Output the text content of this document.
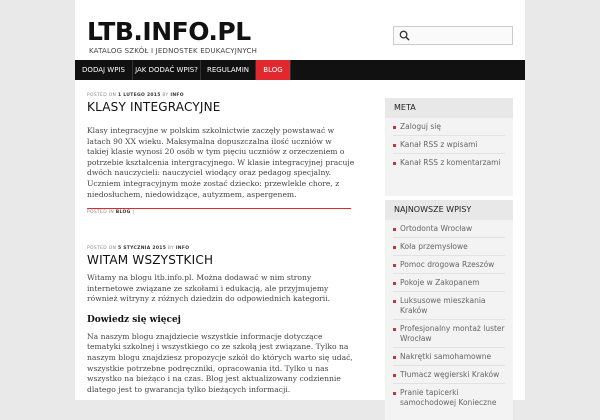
LTB.INFO.PL
KATALOG SZKÓŁ I JEDNOSTEK EDUKACYJNYCH
DODAJ WPIS	JAK DODAĆ WPIS?	REGULAMIN	BLOG
POSTED ON 1 LUTEGO 2015 BY INFO
KLASY INTEGRACYJNE
Klasy integracyjne w polskim szkolnictwie zaczęły powstawać w latach 90 XX wieku. Maksymalna dopuszczalna ilość uczniów w takiej klasie wynosi 20 osób w tym pięciu uczniów z orzeczeniem o potrzebie kształcenia intergracyjnego. W klasie integracyjnej pracuje dwóch nauczycieli: nauczyciel wiodący oraz pedagog specjalny. Uczniem integracyjnym może zostać dziecko: przewlekle chore, z niedosłuchem, niedowidzące, autyzmem, aspergenem.
POSTED IN BLOG |
POSTED ON 5 STYCZNIA 2015 BY INFO
WITAM WSZYSTKICH
Witamy na blogu ltb.info.pl. Można dodawać w nim strony internetowe związane ze szkołami i edukacją, ale przyjmujemy również witryny z różnych dziedzin do odpowiednich kategorii.
Dowiedz się więcej
Na naszym blogu znajdziecie wszystkie informacje dotyczące tematyki szkolnej i wszystkiego co ze szkołą jest związane. Tylko na naszym blogu znajdziesz propozycje szkół do których warto się udać, wszystkie potrzebne podręczniki, opracowania itd. Tylko u nas wszystko na bieżąco i na czas. Blog jest aktualizowany codziennie dlatego jest to gwarancja tylko bieżących informacji.
META
Zaloguj się
Kanał RSS z wpisami
Kanał RSS z komentarzami
NAJNOWSZE WPISY
Ortodonta Wrocław
Koła przemysłowe
Pomoc drogowa Rzeszów
Pokoje w Zakopanem
Luksusowe mieszkania Kraków
Profesjonalny montaż luster Wrocław
Nakrętki samohamowne
Tłumacz węgierski Kraków
Pranie tapicerki samochodowej Konieczne
